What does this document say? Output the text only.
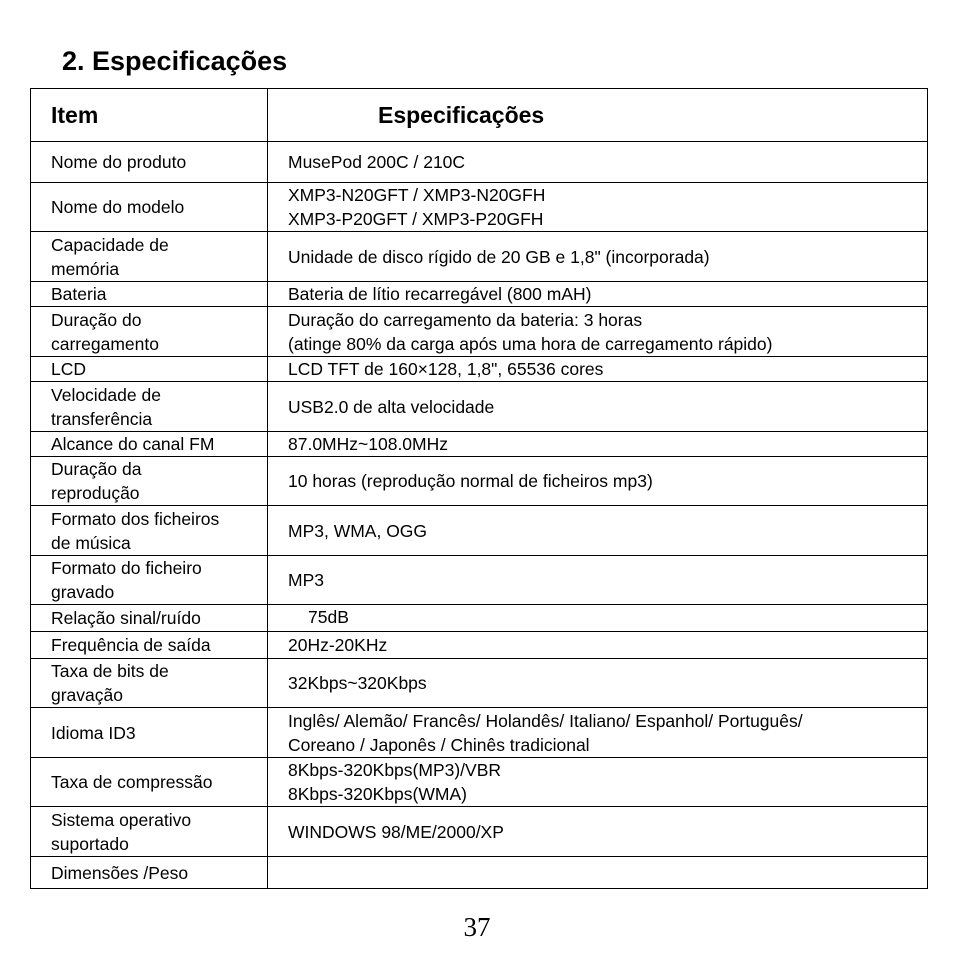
2. Especificações
Item	Especificações

Nome do produto	MusePod 200C / 210C

Nome do modelo	XMP3-N20GFT / XMP3-N20GFH
XMP3-P20GFT / XMP3-P20GFH

Capacidade de
memória	Unidade de disco rígido de 20 GB e 1,8" (incorporada)

Bateria	Bateria de lítio recarregável (800 mAH)

Duração do
carregamento	Duração do carregamento da bateria: 3 horas
(atinge 80% da carga após uma hora de carregamento rápido)

LCD	LCD TFT de 160×128, 1,8", 65536 cores

Velocidade de
transferência	USB2.0 de alta velocidade

Alcance do canal FM	87.0MHz~108.0MHz

Duração da
reprodução	10 horas (reprodução normal de ficheiros mp3)

Formato dos ficheiros
de música	MP3, WMA, OGG

Formato do ficheiro
gravado	MP3

Relação sinal/ruído	75dB

Frequência de saída	20Hz-20KHz

Taxa de bits de
gravação	32Kbps~320Kbps

Idioma ID3	Inglês/ Alemão/ Francês/ Holandês/ Italiano/ Espanhol/ Português/
Coreano / Japonês / Chinês tradicional

Taxa de compressão	8Kbps-320Kbps(MP3)/VBR
8Kbps-320Kbps(WMA)

Sistema operativo
suportado	WINDOWS 98/ME/2000/XP

Dimensões /Peso	

37
